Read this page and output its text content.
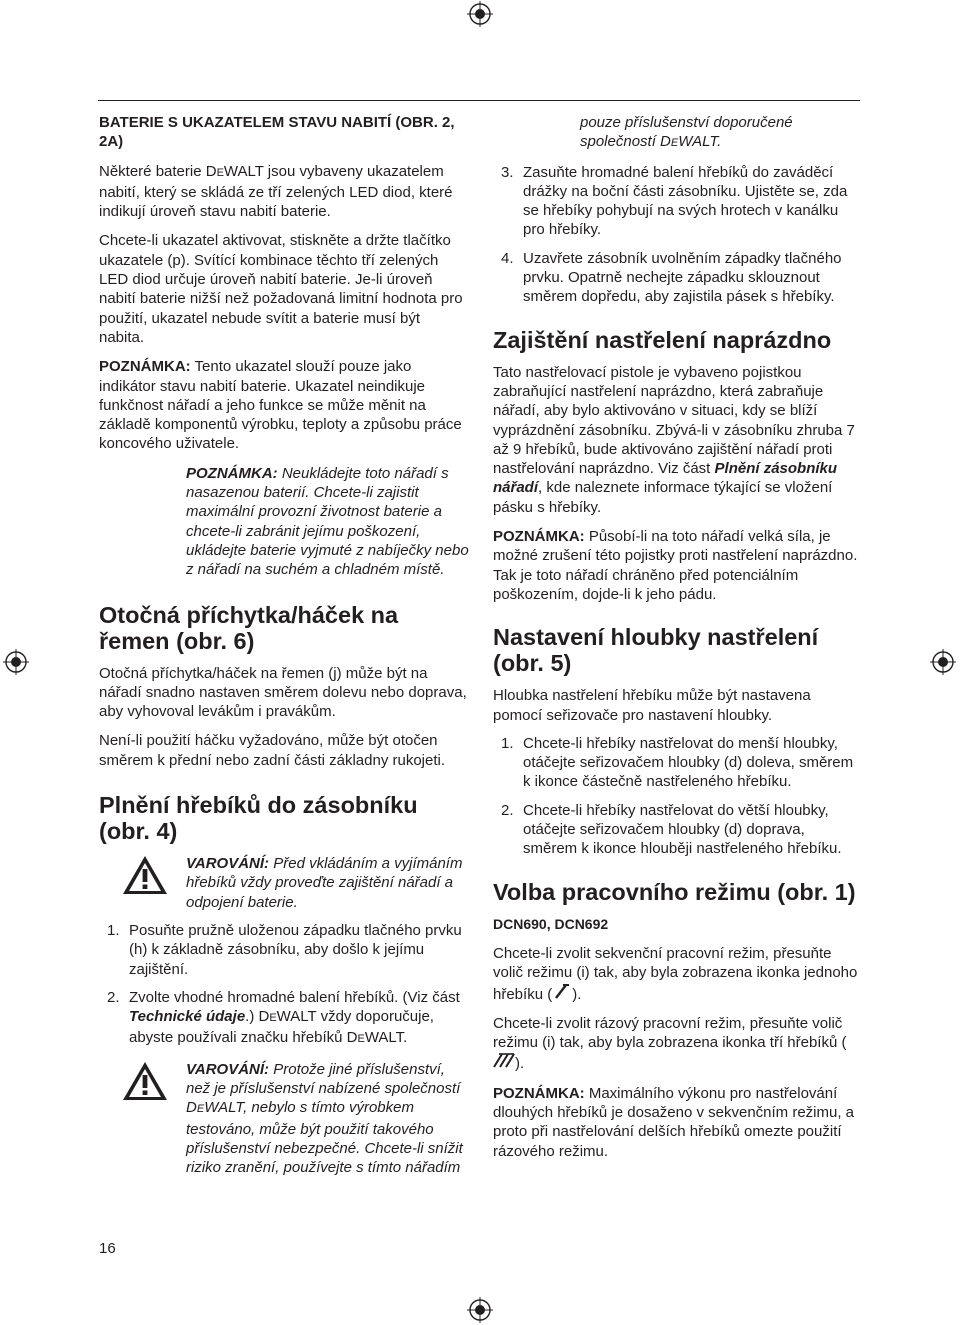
BATERIE S UKAZATELEM STAVU NABITÍ (OBR. 2, 2A)

Některé baterie DEWALT jsou vybaveny ukazatelem nabití, který se skládá ze tří zelených LED diod, které indikují úroveň stavu nabití baterie.

Chcete-li ukazatel aktivovat, stiskněte a držte tlačítko ukazatele (p). Svítící kombinace těchto tří zelených LED diod určuje úroveň nabití baterie. Je-li úroveň nabití baterie nižší než požadovaná limitní hodnota pro použití, ukazatel nebude svítit a baterie musí být nabita.

POZNÁMKA: Tento ukazatel slouží pouze jako indikátor stavu nabití baterie. Ukazatel neindikuje funkčnost nářadí a jeho funkce se může měnit na základě komponentů výrobku, teploty a způsobu práce koncového uživatele.

POZNÁMKA: Neukládejte toto nářadí s nasazenou baterií. Chcete-li zajistit maximální provozní životnost baterie a chcete-li zabránit jejímu poškození, ukládejte baterie vyjmuté z nabíječky nebo z nářadí na suchém a chladném místě.

Otočná příchytka/háček na řemen (obr. 6)

Otočná příchytka/háček na řemen (j) může být na nářadí snadno nastaven směrem dolevu nebo doprava, aby vyhovoval levákům i pravákům.

Není-li použití háčku vyžadováno, může být otočen směrem k přední nebo zadní části základny rukojeti.

Plnění hřebíků do zásobníku (obr. 4)

VAROVÁNÍ: Před vkládáním a vyjímáním hřebíků vždy proveďte zajištění nářadí a odpojení baterie.

1. Posuňte pružně uloženou západku tlačného prvku (h) k základně zásobníku, aby došlo k jejímu zajištění.
2. Zvolte vhodné hromadné balení hřebíků. (Viz část Technické údaje.) DEWALT vždy doporučuje, abyste používali značku hřebíků DEWALT.

VAROVÁNÍ: Protože jiné příslušenství, než je příslušenství nabízené společností DEWALT, nebylo s tímto výrobkem testováno, může být použití takového příslušenství nebezpečné. Chcete-li snížit riziko zranění, používejte s tímto nářadím

pouze příslušenství doporučené společností DEWALT.

3. Zasuňte hromadné balení hřebíků do zaváděcí drážky na boční části zásobníku. Ujistěte se, zda se hřebíky pohybují na svých hrotech v kanálku pro hřebíky.
4. Uzavřete zásobník uvolněním západky tlačného prvku. Opatrně nechejte západku sklouznout směrem dopředu, aby zajistila pásek s hřebíky.
Zajištění nastřelení naprázdno

Tato nastřelovací pistole je vybaveno pojistkou zabraňující nastřelení naprázdno, která zabraňuje nářadí, aby bylo aktivováno v situaci, kdy se blíží vyprázdnění zásobníku. Zbývá-li v zásobníku zhruba 7 až 9 hřebíků, bude aktivováno zajištění nářadí proti nastřelování naprázdno. Viz část Plnění zásobníku nářadí, kde naleznete informace týkající se vložení pásku s hřebíky.

POZNÁMKA: Působí-li na toto nářadí velká síla, je možné zrušení této pojistky proti nastřelení naprázdno. Tak je toto nářadí chráněno před potenciálním poškozením, dojde-li k jeho pádu.

Nastavení hloubky nastřelení (obr. 5)

Hloubka nastřelení hřebíku může být nastavena pomocí seřizovače pro nastavení hloubky.

1. Chcete-li hřebíky nastřelovat do menší hloubky, otáčejte seřizovačem hloubky (d) doleva, směrem k ikonce částečně nastřeleného hřebíku.
2. Chcete-li hřebíky nastřelovat do větší hloubky, otáčejte seřizovačem hloubky (d) doprava, směrem k ikonce hlouběji nastřeleného hřebíku.
Volba pracovního režimu (obr. 1)

DCN690, DCN692

Chcete-li zvolit sekvenční pracovní režim, přesuňte volič režimu (i) tak, aby byla zobrazena ikonka jednoho hřebíku ( ).

Chcete-li zvolit rázový pracovní režim, přesuňte volič režimu (i) tak, aby byla zobrazena ikonka tří hřebíků ().

POZNÁMKA: Maximálního výkonu pro nastřelování dlouhých hřebíků je dosaženo v sekvenčním režimu, a proto při nastřelování delších hřebíků omezte použití rázového režimu.

16
